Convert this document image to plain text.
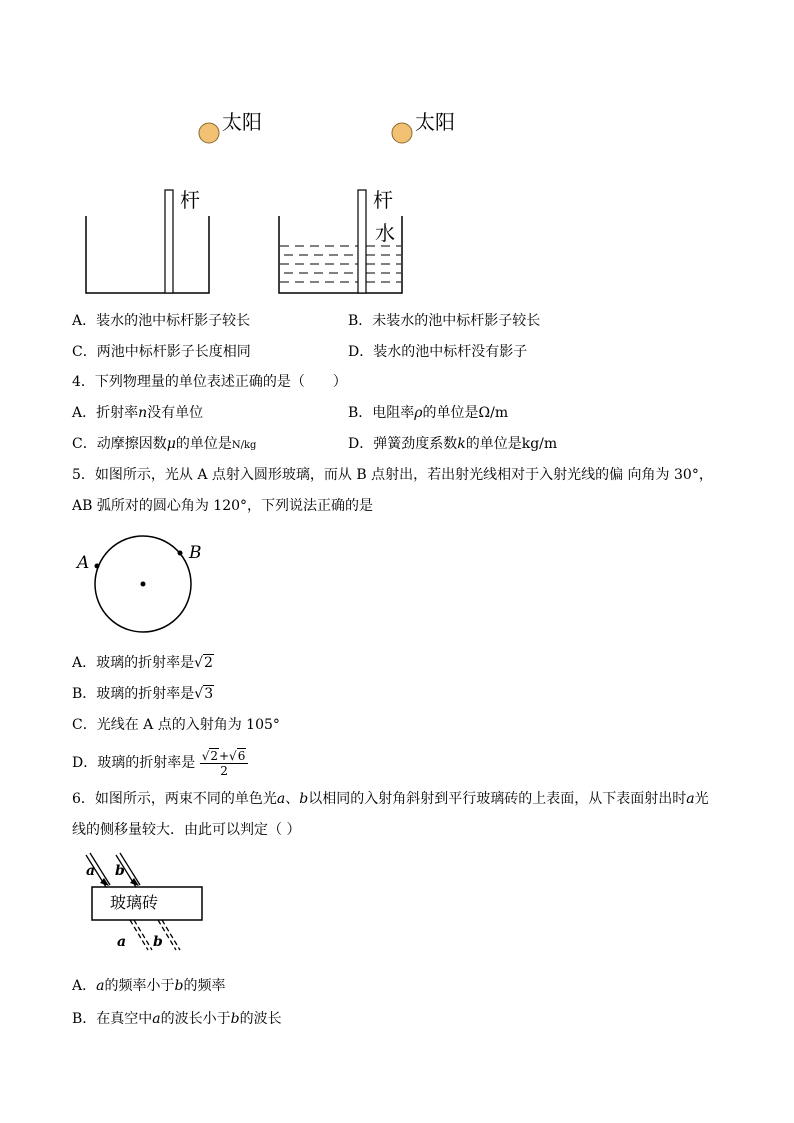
太阳	太阳
杆	杆
水
A．装水的池中标杆影子较长	B．未装水的池中标杆影子较长
C．两池中标杆影子长度相同	D．装水的池中标杆没有影子
4．下列物理量的单位表述正确的是（　　）
A．折射率n没有单位	B．电阻率ρ的单位是Ω/m
C．动摩擦因数μ的单位是N/kg	D．弹簧劲度系数k的单位是kg/m
5．如图所示，光从 A 点射入圆形玻璃，而从 B 点射出，若出射光线相对于入射光线的偏 向角为 30°，
AB 弧所对的圆心角为 120°，下列说法正确的是
A	B
A．玻璃的折射率是√2
B．玻璃的折射率是√3
C．光线在 A 点的入射角为 105°
D．玻璃的折射率是 $\frac{√2+√6}{2}$
6．如图所示，两束不同的单色光a、b以相同的入射角斜射到平行玻璃砖的上表面，从下表面射出时a光
线的侧移量较大．由此可以判定（ ）
a b
玻璃砖
a b
A．a的频率小于b的频率
B．在真空中a的波长小于b的波长
